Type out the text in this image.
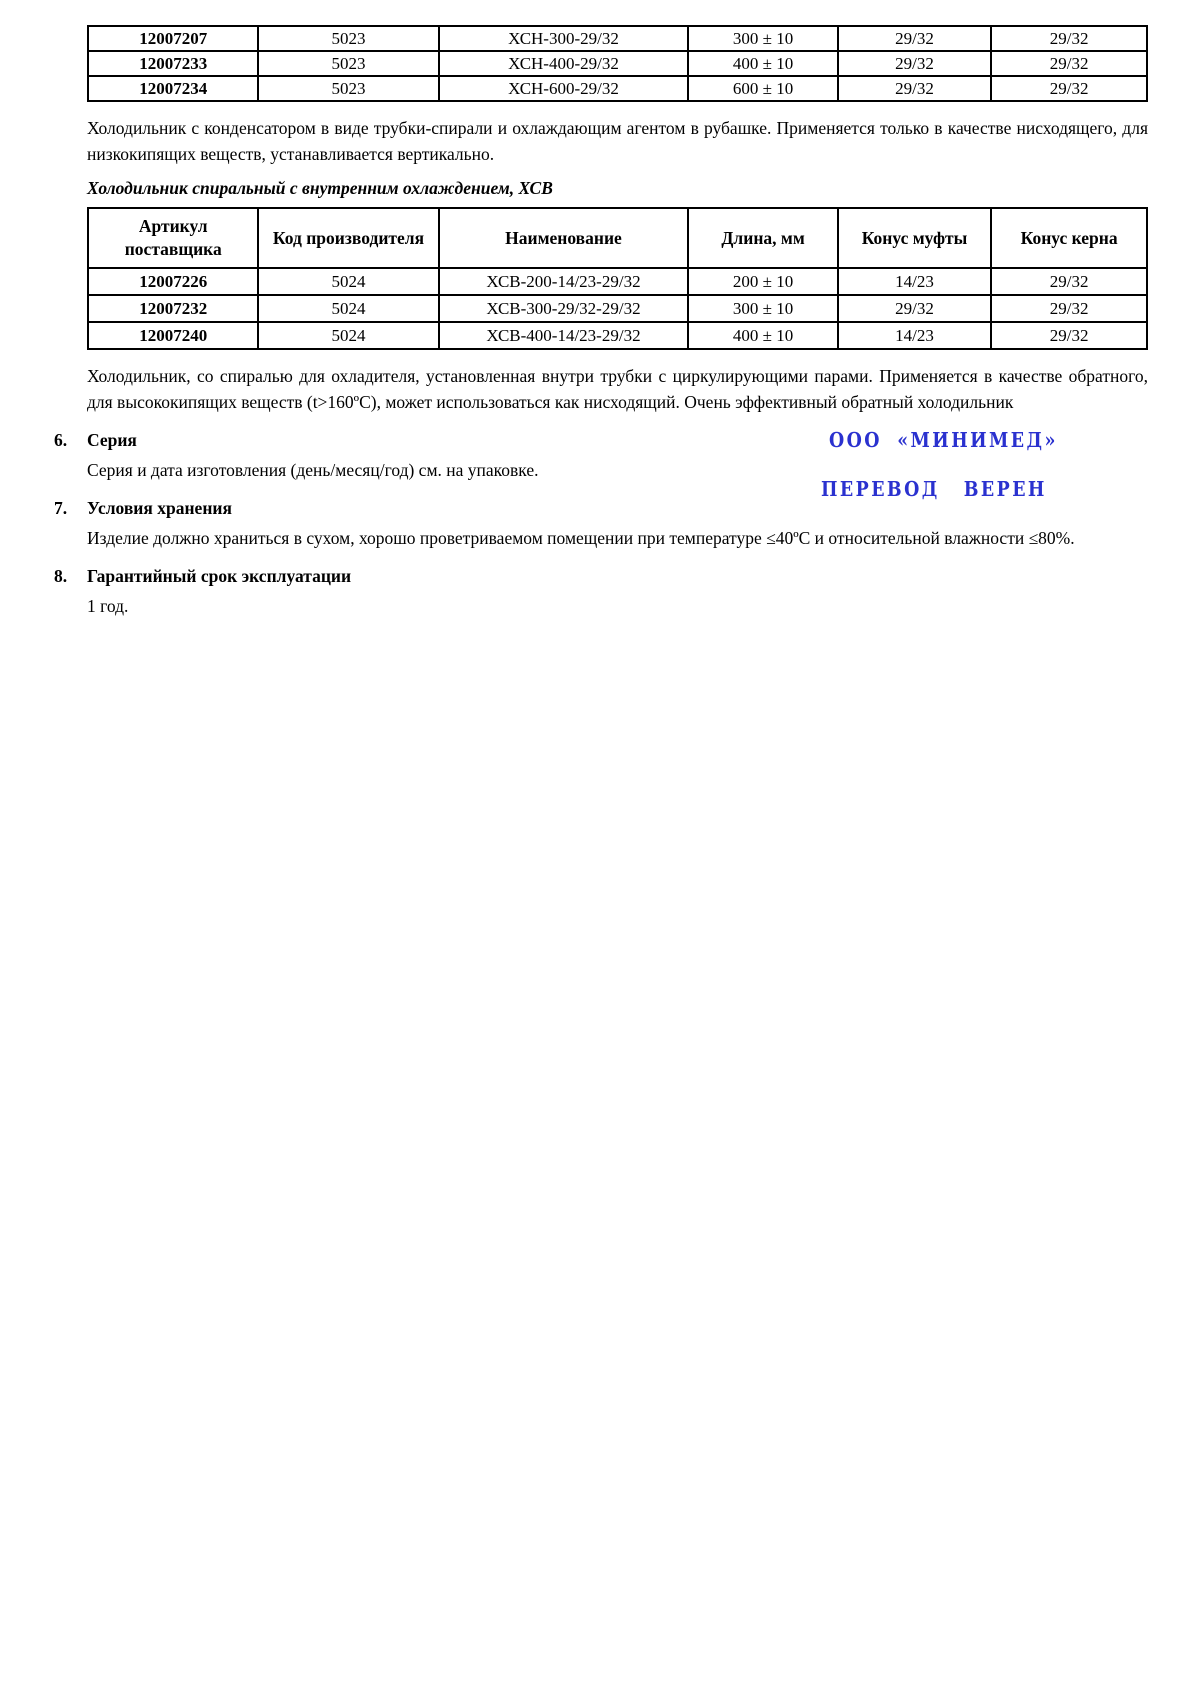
12007207	5023	ХСН-300-29/32	300 ± 10	29/32	29/32
12007233	5023	ХСН-400-29/32	400 ± 10	29/32	29/32
12007234	5023	ХСН-600-29/32	600 ± 10	29/32	29/32

Холодильник с конденсатором в виде трубки-спирали и охлаждающим агентом в рубашке. Применяется только в качестве нисходящего, для низкокипящих веществ, устанавливается вертикально.

Холодильник спиральный с внутренним охлаждением, ХСВ
Артикул поставщика	Код производителя	Наименование	Длина, мм	Конус муфты	Конус керна
12007226	5024	ХСВ-200-14/23-29/32	200 ± 10	14/23	29/32
12007232	5024	ХСВ-300-29/32-29/32	300 ± 10	29/32	29/32
12007240	5024	ХСВ-400-14/23-29/32	400 ± 10	14/23	29/32

Холодильник, со спиралью для охладителя, установленная внутри трубки с циркулирующими парами. Применяется в качестве обратного, для высококипящих веществ (t>160ºС), может использоваться как нисходящий. Очень эффективный обратный холодильник

6.	Серия

Серия и дата изготовления (день/месяц/год) см. на упаковке.

7.	Условия хранения

Изделие должно храниться в сухом, хорошо проветриваемом помещении при температуре ≤40ºС и относительной влажности ≤80%.

8.	Гарантийный срок эксплуатации

1 год.

ООО «МИНИМЕД»
ПЕРЕВОД ВЕРЕН
